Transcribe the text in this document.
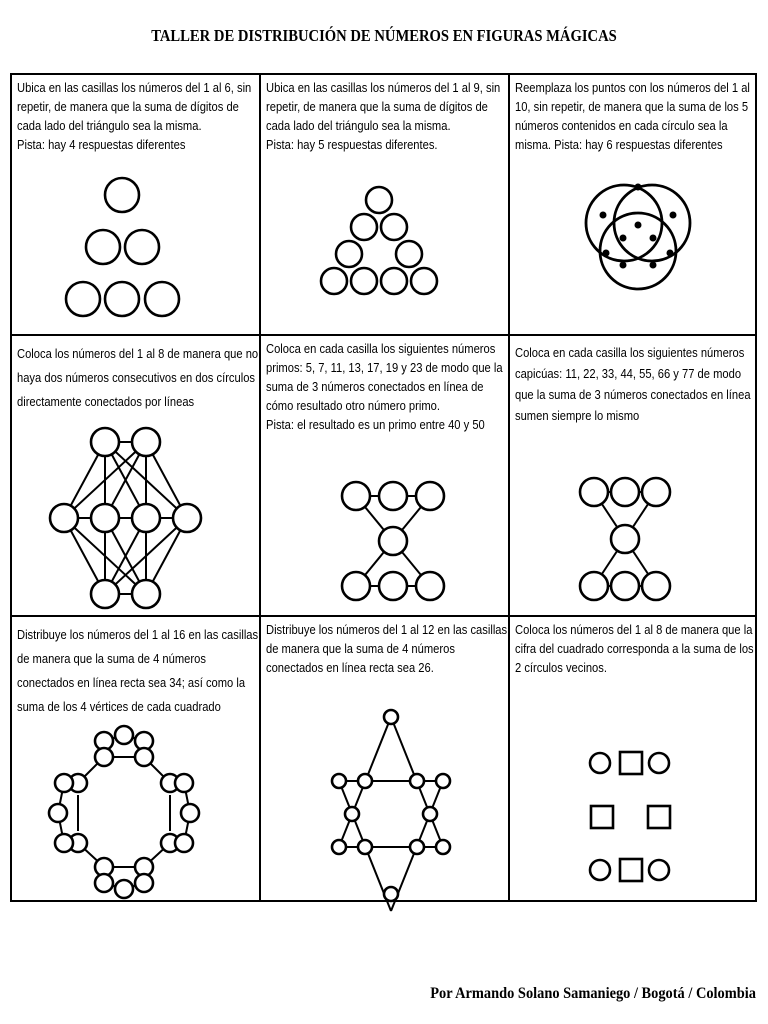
TALLER DE DISTRIBUCIÓN DE NÚMEROS EN FIGURAS MÁGICAS
Ubica en las casillas los números del 1 al 6, sin
repetir, de manera que la suma de dígitos de
cada lado del triángulo sea la misma.
Pista: hay 4 respuestas diferentes
Ubica en las casillas los números del 1 al 9, sin
repetir, de manera que la suma de dígitos de
cada lado del triángulo sea la misma.
Pista: hay 5 respuestas diferentes.
Reemplaza los puntos con los números del 1 al
10, sin repetir, de manera que la suma de los 5
números contenidos en cada círculo sea la
misma. Pista: hay 6 respuestas diferentes
Coloca los números del 1 al 8 de manera que no
haya dos números consecutivos en dos círculos
directamente conectados por líneas
Coloca en cada casilla los siguientes números
primos: 5, 7, 11, 13, 17, 19 y 23 de modo que la
suma de 3 números conectados en línea de
cómo resultado otro número primo.
Pista: el resultado es un primo entre 40 y 50
Coloca en cada casilla los siguientes números
capicúas: 11, 22, 33, 44, 55, 66 y 77 de modo
que la suma de 3 números conectados en línea
sumen siempre lo mismo
Distribuye los números del 1 al 16 en las casillas
de manera que la suma de 4 números
conectados en línea recta sea 34; así como la
suma de los 4 vértices de cada cuadrado
Distribuye los números del 1 al 12 en las casillas
de manera que la suma de 4 números
conectados en línea recta sea 26.
Coloca los números del 1 al 8 de manera que la
cifra del cuadrado corresponda a la suma de los
2 círculos vecinos.
Por Armando Solano Samaniego / Bogotá / Colombia
